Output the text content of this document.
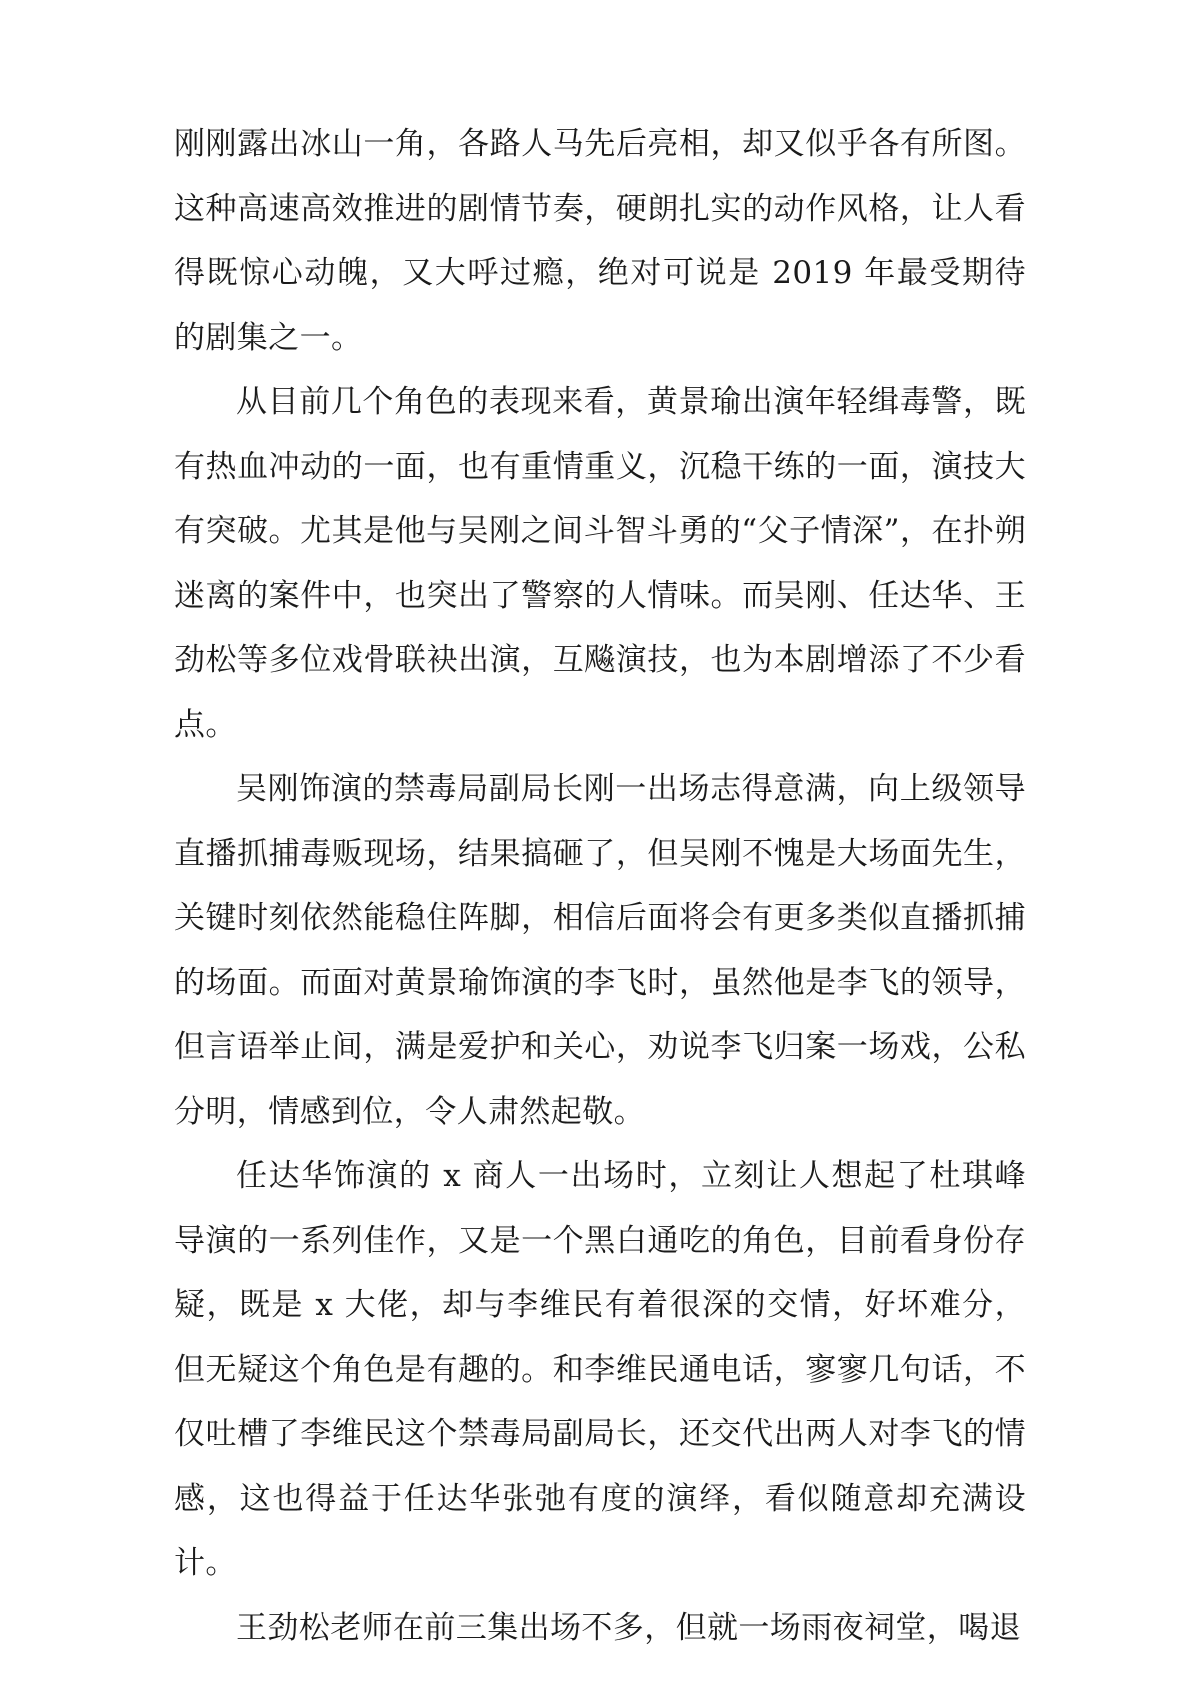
刚刚露出冰山一角，各路人马先后亮相，却又似乎各有所图。这种高速高效推进的剧情节奏，硬朗扎实的动作风格，让人看得既惊心动魄，又大呼过瘾，绝对可说是 2019 年最受期待的剧集之一。

从目前几个角色的表现来看，黄景瑜出演年轻缉毒警，既有热血冲动的一面，也有重情重义，沉稳干练的一面，演技大有突破。尤其是他与吴刚之间斗智斗勇的“父子情深”，在扑朔迷离的案件中，也突出了警察的人情味。而吴刚、任达华、王劲松等多位戏骨联袂出演，互飚演技，也为本剧增添了不少看点。

吴刚饰演的禁毒局副局长刚一出场志得意满，向上级领导直播抓捕毒贩现场，结果搞砸了，但吴刚不愧是大场面先生，关键时刻依然能稳住阵脚，相信后面将会有更多类似直播抓捕的场面。而面对黄景瑜饰演的李飞时，虽然他是李飞的领导，但言语举止间，满是爱护和关心，劝说李飞归案一场戏，公私分明，情感到位，令人肃然起敬。

任达华饰演的 x 商人一出场时，立刻让人想起了杜琪峰导演的一系列佳作，又是一个黑白通吃的角色，目前看身份存疑，既是 x 大佬，却与李维民有着很深的交情，好坏难分，但无疑这个角色是有趣的。和李维民通电话，寥寥几句话，不仅吐槽了李维民这个禁毒局副局长，还交代出两人对李飞的情感，这也得益于任达华张弛有度的演绎，看似随意却充满设计。

王劲松老师在前三集出场不多，但就一场雨夜祠堂，喝退
